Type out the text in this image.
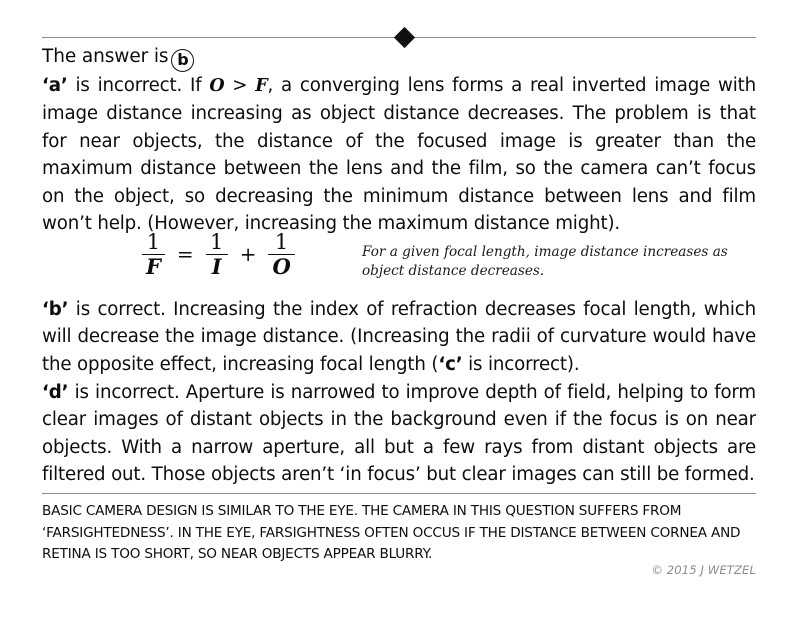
The answer is b
‘a’ is incorrect. If O > F, a converging lens forms a real inverted image with image distance increasing as object distance decreases. The problem is that for near objects, the distance of the focused image is greater than the maximum distance between the lens and the film, so the camera can’t focus on the object, so decreasing the minimum distance between lens and film won’t help. (However, increasing the maximum distance might).
$\frac{1}{F} = \frac{1}{I} + \frac{1}{O}$	For a given focal length, image distance increases as object distance decreases.
‘b’ is correct. Increasing the index of refraction decreases focal length, which will decrease the image distance. (Increasing the radii of curvature would have the opposite effect, increasing focal length (‘c’ is incorrect).
‘d’ is incorrect. Aperture is narrowed to improve depth of field, helping to form clear images of distant objects in the background even if the focus is on near objects. With a narrow aperture, all but a few rays from distant objects are filtered out. Those objects aren’t ‘in focus’ but clear images can still be formed.
BASIC CAMERA DESIGN IS SIMILAR TO THE EYE. THE CAMERA IN THIS QUESTION SUFFERS FROM ‘FARSIGHTEDNESS’. IN THE EYE, FARSIGHTNESS OFTEN OCCUS IF THE DISTANCE BETWEEN CORNEA AND RETINA IS TOO SHORT, SO NEAR OBJECTS APPEAR BLURRY.
© 2015 J WETZEL
